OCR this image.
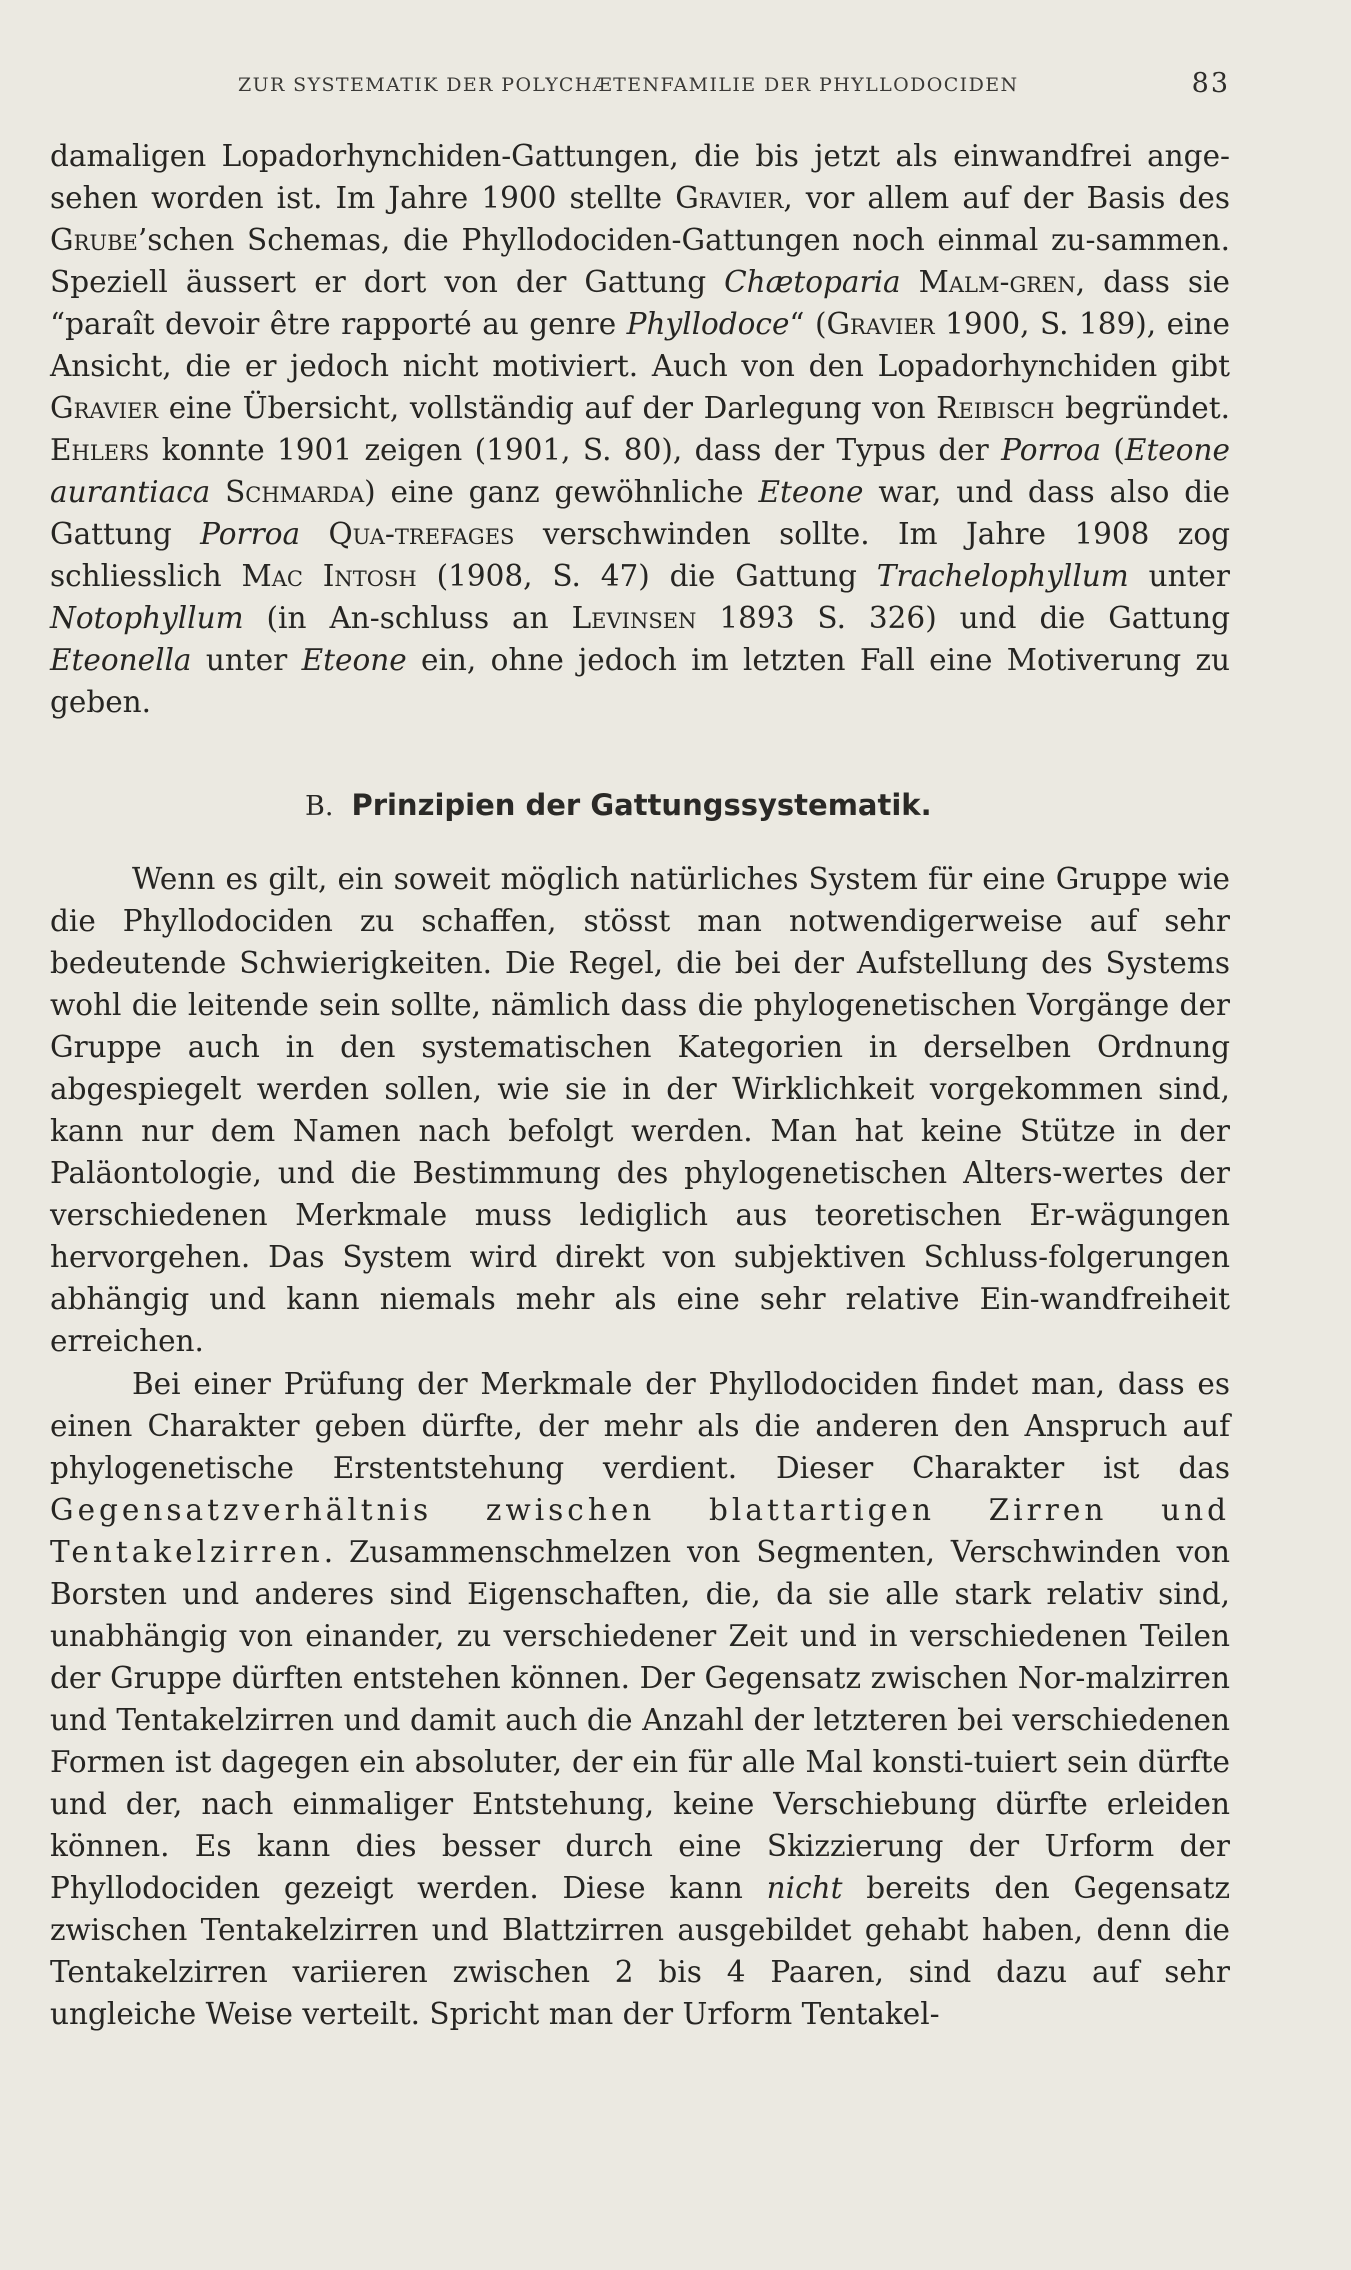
ZUR SYSTEMATIK DER POLYCHÆTENFAMILIE DER PHYLLODOCIDEN	83

damaligen Lopadorhynchiden-Gattungen, die bis jetzt als einwandfrei ange-sehen worden ist. Im Jahre 1900 stellte Gravier, vor allem auf der Basis des Grube’schen Schemas, die Phyllodociden-Gattungen noch einmal zu-sammen. Speziell äussert er dort von der Gattung Chætoparia Malm-gren, dass sie “paraît devoir être rapporté au genre Phyllodoce“ (Gravier 1900, S. 189), eine Ansicht, die er jedoch nicht motiviert. Auch von den Lopadorhynchiden gibt Gravier eine Übersicht, vollständig auf der Darlegung von Reibisch begründet. Ehlers konnte 1901 zeigen (1901, S. 80), dass der Typus der Porroa (Eteone aurantiaca Schmarda) eine ganz gewöhnliche Eteone war, und dass also die Gattung Porroa Qua-trefages verschwinden sollte. Im Jahre 1908 zog schliesslich Mac Intosh (1908, S. 47) die Gattung Trachelophyllum unter Notophyllum (in An-schluss an Levinsen 1893 S. 326) und die Gattung Eteonella unter Eteone ein, ohne jedoch im letzten Fall eine Motiverung zu geben.

B. Prinzipien der Gattungssystematik.

Wenn es gilt, ein soweit möglich natürliches System für eine Gruppe wie die Phyllodociden zu schaffen, stösst man notwendigerweise auf sehr bedeutende Schwierigkeiten. Die Regel, die bei der Aufstellung des Systems wohl die leitende sein sollte, nämlich dass die phylogenetischen Vorgänge der Gruppe auch in den systematischen Kategorien in derselben Ordnung abgespiegelt werden sollen, wie sie in der Wirklichkeit vorgekommen sind, kann nur dem Namen nach befolgt werden. Man hat keine Stütze in der Paläontologie, und die Bestimmung des phylogenetischen Alters-wertes der verschiedenen Merkmale muss lediglich aus teoretischen Er-wägungen hervorgehen. Das System wird direkt von subjektiven Schluss-folgerungen abhängig und kann niemals mehr als eine sehr relative Ein-wandfreiheit erreichen.

Bei einer Prüfung der Merkmale der Phyllodociden findet man, dass es einen Charakter geben dürfte, der mehr als die anderen den Anspruch auf phylogenetische Erstentstehung verdient. Dieser Charakter ist das Gegensatzverhältnis zwischen blattartigen Zirren und Tentakelzirren. Zusammenschmelzen von Segmenten, Verschwinden von Borsten und anderes sind Eigenschaften, die, da sie alle stark relativ sind, unabhängig von einander, zu verschiedener Zeit und in verschiedenen Teilen der Gruppe dürften entstehen können. Der Gegensatz zwischen Nor-malzirren und Tentakelzirren und damit auch die Anzahl der letzteren bei verschiedenen Formen ist dagegen ein absoluter, der ein für alle Mal konsti-tuiert sein dürfte und der, nach einmaliger Entstehung, keine Verschiebung dürfte erleiden können. Es kann dies besser durch eine Skizzierung der Urform der Phyllodociden gezeigt werden. Diese kann nicht bereits den Gegensatz zwischen Tentakelzirren und Blattzirren ausgebildet gehabt haben, denn die Tentakelzirren variieren zwischen 2 bis 4 Paaren, sind dazu auf sehr ungleiche Weise verteilt. Spricht man der Urform Tentakel-
